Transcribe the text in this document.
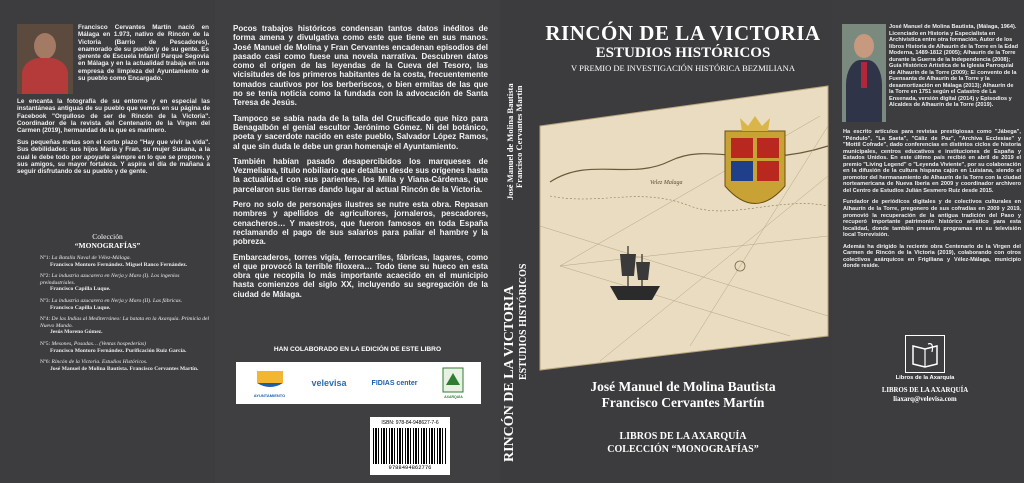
Francisco Cervantes Martín nació en Málaga en 1.973, nativo de Rincón de la Victoria (Barrio de Pescadores), enamorado de su pueblo y de su gente. Es gerente de Escuela Infantil Parque Segovia en Málaga y en la actualidad trabaja en una empresa de limpieza del Ayuntamiento de su pueblo como Encargado.
Le encanta la fotografía de su entorno y en especial las instantáneas antiguas de su pueblo que vemos en su página de Facebook "Orgulloso de ser de Rincón de la Victoria". Coordinador de la revista del Centenario de la Virgen del Carmen (2019), hermandad de la que es marinero.
Sus pequeñas metas son el corto plazo "Hay que vivir la vida". Sus debilidades: sus hijos María y Fran, su mujer Susana, a la cual le debe todo por apoyarle siempre en lo que se propone, y sus amigos, su mayor fortaleza. Y aspira el día de mañana a seguir disfrutando de su pueblo y de gente.
Colección
“MONOGRAFÍAS”
Nº1: La Batalla Naval de Vélez-Málaga.
Francisco Montoro Fernández. Miguel Ranco Fernández.
Nº2: La industria azucarera en Nerja y Maro (I). Los ingenios preindustriales.
Francisco Capilla Luque.
Nº3: La industria azucarera en Nerja y Maro (II). Las fábricas.
Francisco Capilla Luque.
Nº4: De las Indias al Mediterráneo: La batata en la Axarquía. Primicia del Nuevo Mundo.
Jesús Moreno Gómez.
Nº5: Mesones, Posadas… (Ventas hospederías)
Francisco Montoro Fernández. Purificación Ruiz García.
Nº6: Rincón de la Victoria. Estudios Históricos.
José Manuel de Molina Bautista. Francisco Cervantes Martín.

Pocos trabajos históricos condensan tantos datos inéditos de forma amena y divulgativa como este que tiene en sus manos. José Manuel de Molina y Fran Cervantes encadenan episodios del pasado casi como fuese una novela narrativa. Descubren datos como el origen de las leyendas de la Cueva del Tesoro, las vicisitudes de los primeros habitantes de la costa, frecuentemente tomados cautivos por los berberiscos, o bien ermitas de las que no se tenía noticia como la fundada con la advocación de Santa Teresa de Jesús.

Tampoco se sabía nada de la talla del Crucificado que hizo para Benagalbón el genial escultor Jerónimo Gómez. Ni del botánico, poeta y sacerdote nacido en este pueblo, Salvador López Ramos, al que sin duda le debe un gran homenaje el Ayuntamiento.

También habían pasado desapercibidos los marqueses de Vezmeliana, título nobiliario que detallan desde sus orígenes hasta la actualidad con sus parientes, los Milla y Viana-Cárdenas, que parcelaron sus tierras dando lugar al actual Rincón de la Victoria.

Pero no solo de personajes ilustres se nutre esta obra. Repasan nombres y apellidos de agricultores, jornaleros, pescadores, cenacheros… Y maestros, que fueron famosos en toda España reclamando el pago de sus salarios para paliar el hambre y la pobreza.

Embarcaderos, torres vigía, ferrocarriles, fábricas, lagares, como el que provocó la terrible filoxera… Todo tiene su hueco en esta obra que recopila lo más importante acaecido en el municipio hasta comienzos del siglo XX, incluyendo su segregación de la ciudad de Málaga.

HAN COLABORADO EN LA EDICIÓN DE ESTE LIBRO
AYUNTAMIENTO
velevisa	FIDIAS center
AXARQUÍA
ISBN: 978-84-948627-7-6
9788494862776
José Manuel de Molina Bautista Francisco Cervantes Martín
RINCÓN DE LA VICTORIA ESTUDIOS HISTÓRICOS
RINCÓN DE LA VICTORIA
ESTUDIOS HISTÓRICOS
V PREMIO DE INVESTIGACIÓN HISTÓRICA BEZMILIANA
Velez Malaga
José Manuel de Molina Bautista
Francisco Cervantes Martín
LIBROS DE LA AXARQUÍA
COLECCIÓN “MONOGRAFÍAS”
José Manuel de Molina Bautista, (Málaga, 1964). Licenciado en Historia y Especialista en Archivística entre otra formación. Autor de los libros Historia de Alhaurín de la Torre en la Edad Moderna, 1489-1812 (2005); Alhaurín de la Torre durante la Guerra de la Independencia (2008); Guía Histórico Artística de la Iglesia Parroquial de Alhaurín de la Torre (2009); El convento de la Fuensanta de Alhaurín de la Torre y la desamortización en Málaga (2013); Alhaurín de la Torre en 1751 según el Catastro de La Ensenada, versión digital (2014) y Episodios y Alcaldes de Alhaurín de la Torre (2019).

Ha escrito artículos para revistas prestigiosas como "Jábega", "Péndulo", "La Saeta", "Cáliz de Paz", "Archiva Ecclesiae" y "Mottil Cofrade", dado conferencias en distintos ciclos de historia municipales, centros educativos e instituciones de España y Estados Unidos. En este último país recibió en abril de 2019 el premio "Living Legend" o "Leyenda Viviente", por su colaboración en la difusión de la cultura hispana cajún en Luisiana, siendo el promotor del hermanamiento de Alhaurín de la Torre con la ciudad norteamericana de Nueva Iberia en 2009 y coordinador archivero del Centro de Estudios Julián Sesmero Ruiz desde 2015.

Fundador de periódicos digitales y de colectivos culturales en Alhaurín de la Torre, pregonero de sus cofradías en 2009 y 2019, promovió la recuperación de la antigua tradición del Paso y recuperó importante patrimonio histórico artístico para esta localidad, donde también presenta programas en su televisión local Torrevisión.

Además ha dirigido la reciente obra Centenario de la Virgen del Carmen de Rincón de la Victoria (2019), colaborando con otros colectivos axárquicos en Frigiliana y Vélez-Málaga, municipio donde reside.

Libros de la Axarquía
LIBROS DE LA AXARQUÍA
liaxarq@velevisa.com
